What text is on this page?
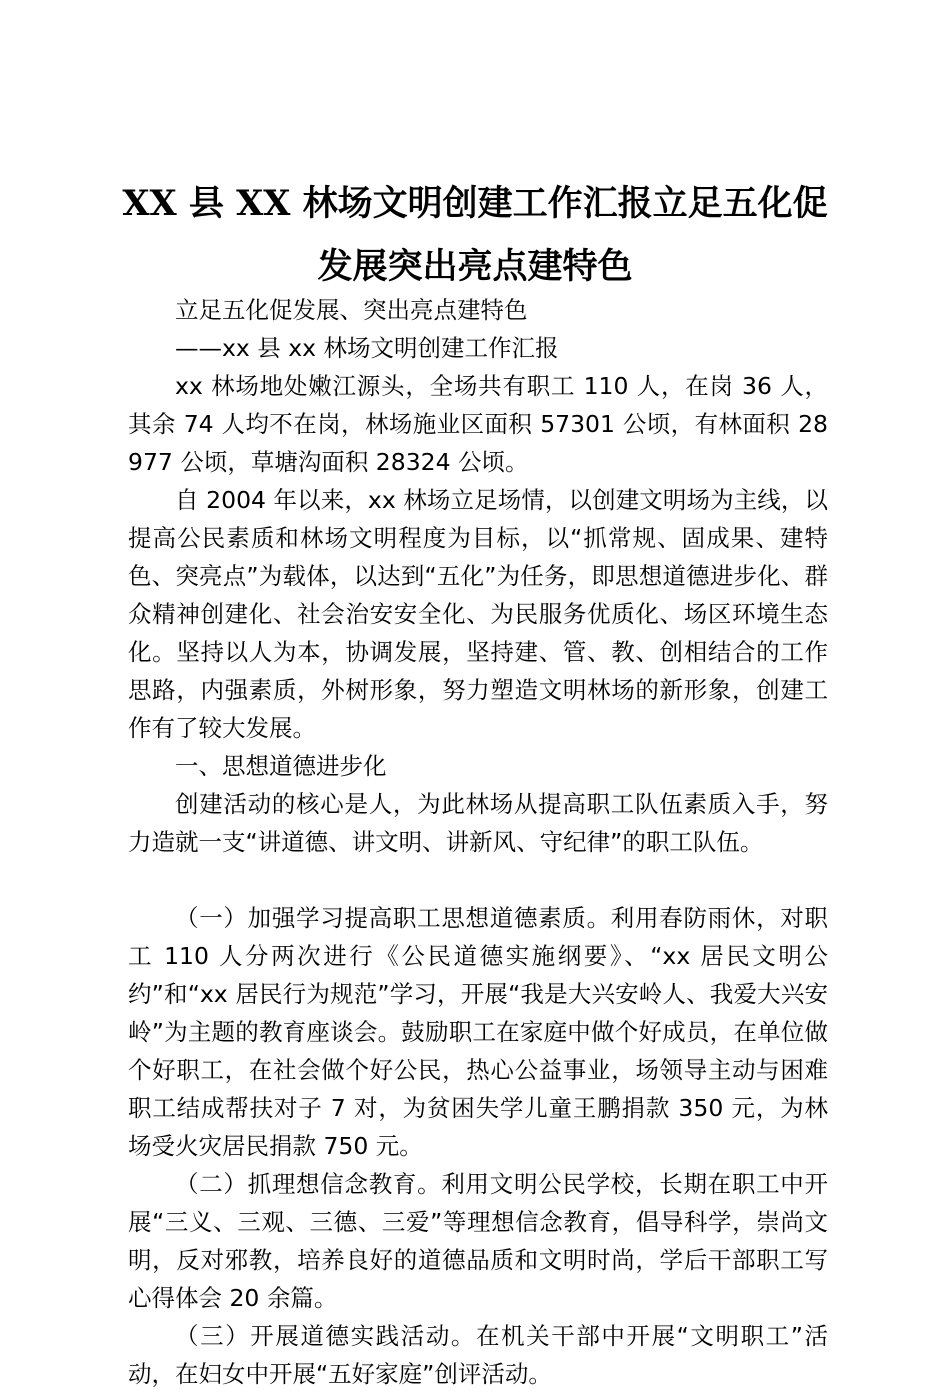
XX 县 XX 林场文明创建工作汇报立足五化促
发展突出亮点建特色

立足五化促发展、突出亮点建特色

——xx 县 xx 林场文明创建工作汇报

xx 林场地处嫩江源头，全场共有职工 110 人，在岗 36 人，其余 74 人均不在岗，林场施业区面积 57301 公顷，有林面积 28977 公顷，草塘沟面积 28324 公顷。

自 2004 年以来，xx 林场立足场情，以创建文明场为主线，以提高公民素质和林场文明程度为目标，以“抓常规、固成果、建特色、突亮点”为载体，以达到“五化”为任务，即思想道德进步化、群众精神创建化、社会治安安全化、为民服务优质化、场区环境生态化。坚持以人为本，协调发展，坚持建、管、教、创相结合的工作思路，内强素质，外树形象，努力塑造文明林场的新形象，创建工作有了较大发展。

一、思想道德进步化

创建活动的核心是人，为此林场从提高职工队伍素质入手，努力造就一支“讲道德、讲文明、讲新风、守纪律”的职工队伍。

（一）加强学习提高职工思想道德素质。利用春防雨休，对职工 110 人分两次进行《公民道德实施纲要》、“xx 居民文明公约”和“xx 居民行为规范”学习，开展“我是大兴安岭人、我爱大兴安岭”为主题的教育座谈会。鼓励职工在家庭中做个好成员，在单位做个好职工，在社会做个好公民，热心公益事业，场领导主动与困难职工结成帮扶对子 7 对，为贫困失学儿童王鹏捐款 350 元，为林场受火灾居民捐款 750 元。

（二）抓理想信念教育。利用文明公民学校，长期在职工中开展“三义、三观、三德、三爱”等理想信念教育，倡导科学，崇尚文明，反对邪教，培养良好的道德品质和文明时尚，学后干部职工写心得体会 20 余篇。

（三）开展道德实践活动。在机关干部中开展“文明职工”活动，在妇女中开展“五好家庭”创评活动。
